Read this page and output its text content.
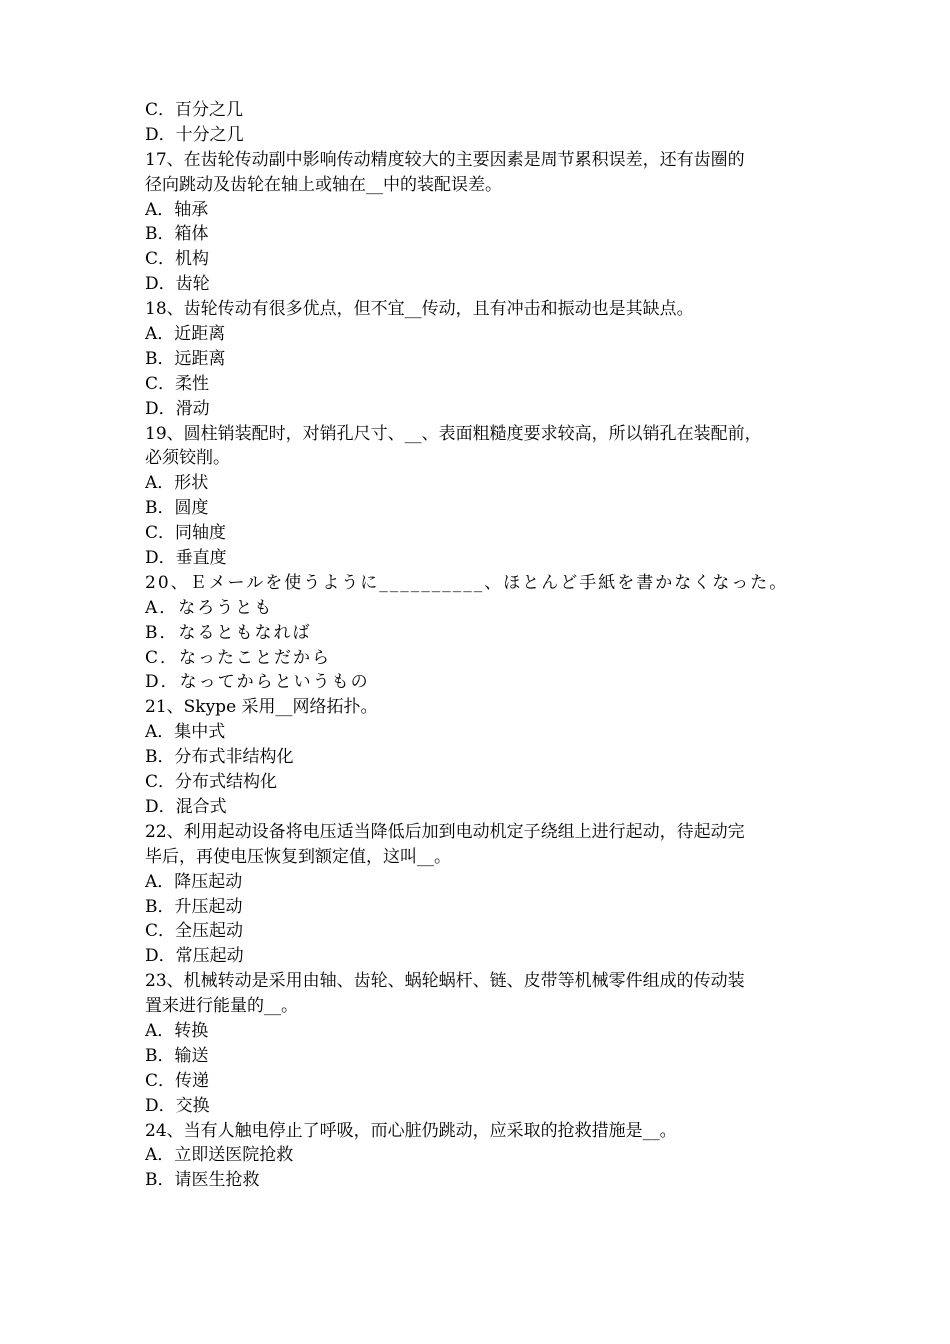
C．百分之几
D．十分之几
17、在齿轮传动副中影响传动精度较大的主要因素是周节累积误差，还有齿圈的
径向跳动及齿轮在轴上或轴在__中的装配误差。
A．轴承
B．箱体
C．机构
D．齿轮
18、齿轮传动有很多优点，但不宜__传动，且有冲击和振动也是其缺点。
A．近距离
B．远距离
C．柔性
D．滑动
19、圆柱销装配时，对销孔尺寸、__、表面粗糙度要求较高，所以销孔在装配前，
必须铰削。
A．形状
B．圆度
C．同轴度
D．垂直度
20、Ｅメールを使うように__________、ほとんど手紙を書かなくなった。
A．なろうとも
B．なるともなれば
C．なったことだから
D．なってからというもの
21、Skype 采用__网络拓扑。
A．集中式
B．分布式非结构化
C．分布式结构化
D．混合式
22、利用起动设备将电压适当降低后加到电动机定子绕组上进行起动，待起动完
毕后，再使电压恢复到额定值，这叫__。
A．降压起动
B．升压起动
C．全压起动
D．常压起动
23、机械转动是采用由轴、齿轮、蜗轮蜗杆、链、皮带等机械零件组成的传动装
置来进行能量的__。
A．转换
B．输送
C．传递
D．交换
24、当有人触电停止了呼吸，而心脏仍跳动，应采取的抢救措施是__。
A．立即送医院抢救
B．请医生抢救
